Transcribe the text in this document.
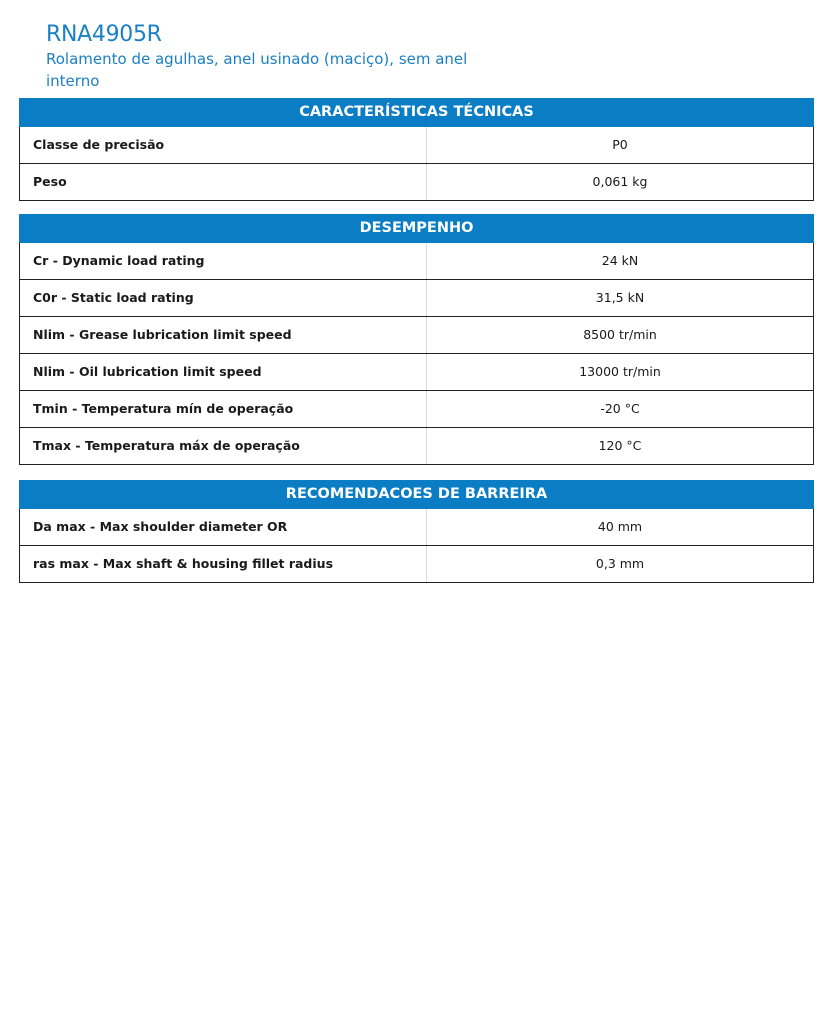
RNA4905R
Rolamento de agulhas, anel usinado (maciço), sem anel interno
CARACTERÍSTICAS TÉCNICAS
Classe de precisão	P0
Peso	0,061 kg
DESEMPENHO
Cr - Dynamic load rating	24 kN
C0r - Static load rating	31,5 kN
Nlim - Grease lubrication limit speed	8500 tr/min
Nlim - Oil lubrication limit speed	13000 tr/min
Tmin - Temperatura mín de operação	-20 °C
Tmax - Temperatura máx de operação	120 °C
RECOMENDACOES DE BARREIRA
Da max - Max shoulder diameter OR	40 mm
ras max - Max shaft & housing fillet radius	0,3 mm
